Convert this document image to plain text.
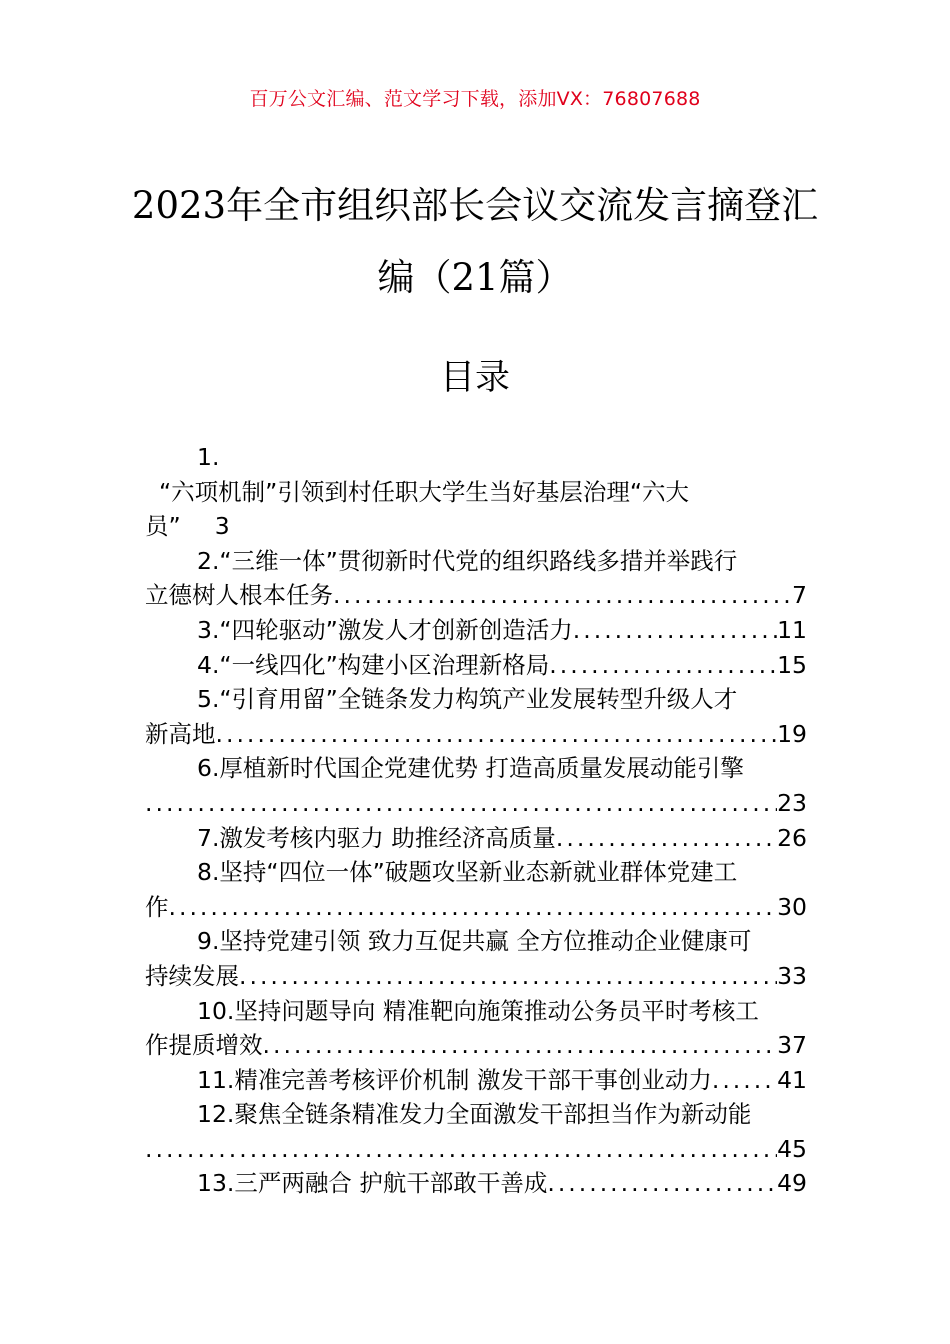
百万公文汇编、范文学习下载，添加VX：76807688
2023年全市组织部长会议交流发言摘登汇
编（21篇）
目录
1.
“六项机制”引领到村任职大学生当好基层治理“六大
员” 3
2.“三维一体”贯彻新时代党的组织路线多措并举践行
立德树人根本任务 .....	7
3.“四轮驱动”激发人才创新创造活力 .....	11
4.“一线四化”构建小区治理新格局 .....	15
5.“引育用留”全链条发力构筑产业发展转型升级人才
新高地 .....	19
6.厚植新时代国企党建优势 打造高质量发展动能引擎
.....
23
7.激发考核内驱力 助推经济高质量 .....	26
8.坚持“四位一体”破题攻坚新业态新就业群体党建工
作 .....	30
9.坚持党建引领 致力互促共赢 全方位推动企业健康可
持续发展 .....	33
10.坚持问题导向 精准靶向施策推动公务员平时考核工
作提质增效 .....	37
11.精准完善考核评价机制 激发干部干事创业动力 .....	41
12.聚焦全链条精准发力全面激发干部担当作为新动能
.....
45
13.三严两融合 护航干部敢干善成 .....	49
